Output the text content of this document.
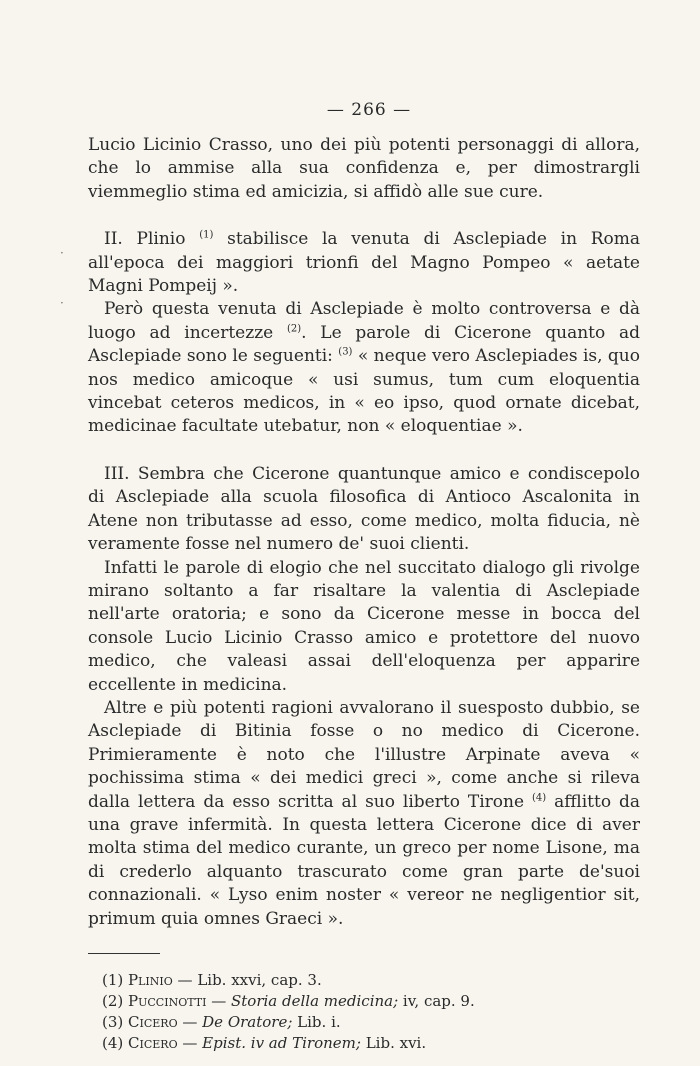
— 266 —

Lucio Licinio Crasso, uno dei più potenti personaggi di allora, che lo ammise alla sua confidenza e, per dimostrargli viemmeglio stima ed amicizia, si affidò alle sue cure.

II. Plinio $^{(1)}$ stabilisce la venuta di Asclepiade in Roma all'epoca dei maggiori trionfi del Magno Pompeo « aetate Magni Pompeij ».

Però questa venuta di Asclepiade è molto controversa e dà luogo ad incertezze $^{(2)}$. Le parole di Cicerone quanto ad Asclepiade sono le seguenti: $^{(3)}$ « neque vero Asclepiades is, quo nos medico amicoque « usi sumus, tum cum eloquentia vincebat ceteros medicos, in « eo ipso, quod ornate dicebat, medicinae facultate utebatur, non « eloquentiae ».

III. Sembra che Cicerone quantunque amico e condiscepolo di Asclepiade alla scuola filosofica di Antioco Ascalonita in Atene non tributasse ad esso, come medico, molta fiducia, nè veramente fosse nel numero de' suoi clienti.

Infatti le parole di elogio che nel succitato dialogo gli rivolge mirano soltanto a far risaltare la valentia di Asclepiade nell'arte oratoria; e sono da Cicerone messe in bocca del console Lucio Licinio Crasso amico e protettore del nuovo medico, che valeasi assai dell'eloquenza per apparire eccellente in medicina.

Altre e più potenti ragioni avvalorano il suesposto dubbio, se Asclepiade di Bitinia fosse o no medico di Cicerone. Primieramente è noto che l'illustre Arpinate aveva « pochissima stima « dei medici greci », come anche si rileva dalla lettera da esso scritta al suo liberto Tirone $^{(4)}$ afflitto da una grave infermità. In questa lettera Cicerone dice di aver molta stima del medico curante, un greco per nome Lisone, ma di crederlo alquanto trascurato come gran parte de'suoi connazionali. « Lyso enim noster « vereor ne negligentior sit, primum quia omnes Graeci ».

(1) Plinio — Lib. xxvi, cap. 3.

(2) Puccinotti — Storia della medicina; iv, cap. 9.

(3) Cicero — De Oratore; Lib. i.

(4) Cicero — Epist. iv ad Tironem; Lib. xvi.

·
·
